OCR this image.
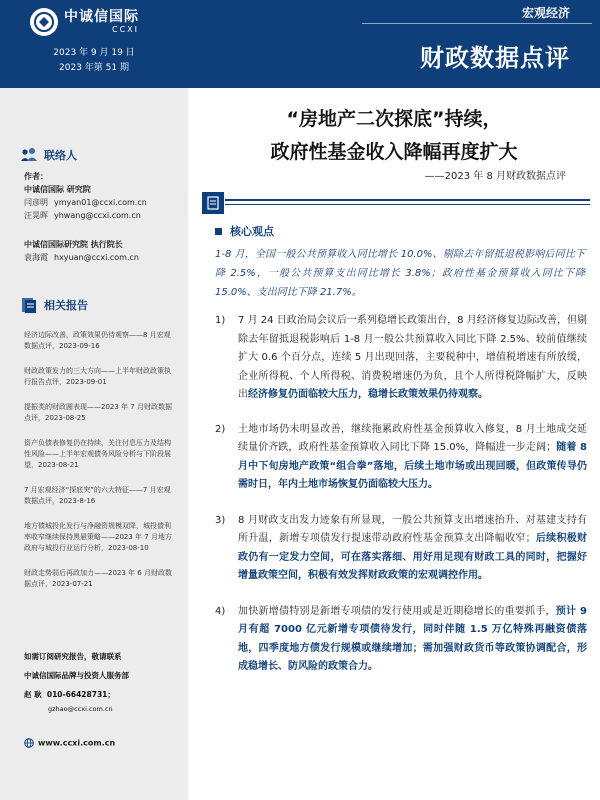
中诚信国际
CCXI
2023 年 9 月 19 日
2023 年第 51 期
联络人
作者：
中诚信国际 研究院
闫彦明 ymyan01@ccxi.com.cn
汪晃晖 yhwang@ccxi.com.cn
中诚信国际研究院 执行院长
袁海霞 hxyuan@ccxi.com.cn
相关报告
经济边际改善，政策效果仍待观察——8 月宏观数据点评，2023-09-16
财政政策发力的三大方向——上半年财政政策执行报告点评，2023-09-01
提振类的财政圆表现——2023 年 7 月财政数据点评，2023-08-25
资产负债表修复仍在持续，关注付息压力及结构性风险——上半年宏观债务风险分析与下阶段展望，2023-08-21
7 月宏观经济“探底突”的六大特征——7 月宏观数据点评，2023-8-16
地方债城投化发行与净融资规模双降，城投债利率收窄继续保持黑悬策略——2023 年 7 月地方政府与城投行业运行分析，2023-08-10
财政走势弱后再政加力——2023 年 6 月财政数据点评，2023-07-21
如需订阅研究报告，敬请联系
中诚信国际品牌与投资人服务部
赵 耿 010-66428731；
gzhao@ccxi.com.cn
www.ccxi.com.cn
宏观经济
财政数据点评
“房地产二次探底”持续，
政府性基金收入降幅再度扩大
——2023 年 8 月财政数据点评
核心观点
1-8 月，全国一般公共预算收入同比增长 10.0%、剔除去年留抵退税影响后同比下降 2.5%，一般公共预算支出同比增长 3.8%；政府性基金预算收入同比下降 15.0%、支出同比下降 21.7%。
1)	7 月 24 日政治局会议后一系列稳增长政策出台，8 月经济修复边际改善，但剔除去年留抵退税影响后 1-8 月一般公共预算收入同比下降 2.5%、较前值继续扩大 0.6 个百分点，连续 5 月出现回落，主要税种中，增值税增速有所放缓，企业所得税、个人所得税、消费税增速仍为负，且个人所得税降幅扩大，反映出经济修复仍面临较大压力，稳增长政策效果仍待观察。
2)	土地市场仍未明显改善，继续拖累政府性基金预算收入修复，8 月土地成交延续量价齐跌，政府性基金预算收入同比下降 15.0%，降幅进一步走阔；随着 8 月中下旬房地产政策“组合拳”落地，后续土地市场或出现回暖，但政策传导仍需时日，年内土地市场恢复仍面临较大压力。
3)	8 月财政支出发力迹象有所显现，一般公共预算支出增速抬升、对基建支持有所升温，新增专项债发行提速带动政府性基金预算支出降幅收窄；后续积极财政仍有一定发力空间，可在落实落细、用好用足现有财政工具的同时，把握好增量政策空间，积极有效发挥财政政策的宏观调控作用。
4)	加快新增债特别是新增专项债的发行使用或是近期稳增长的重要抓手，预计 9 月有超 7000 亿元新增专项债待发行，同时伴随 1.5 万亿特殊再融资债落地，四季度地方债发行规模或继续增加；需加强财政货币等政策协调配合，形成稳增长、防风险的政策合力。
